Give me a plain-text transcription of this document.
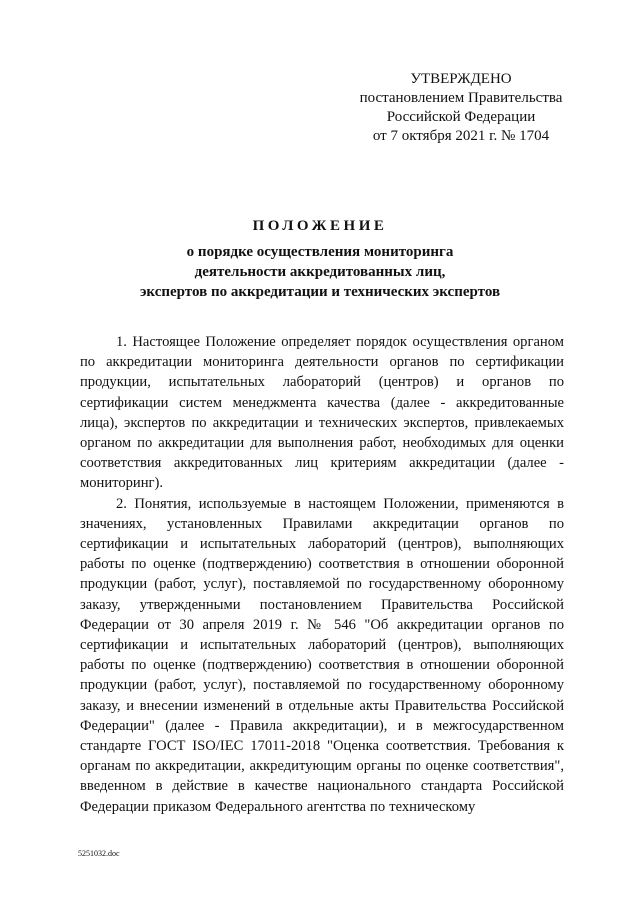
УТВЕРЖДЕНО
постановлением Правительства
Российской Федерации
от 7 октября 2021 г. № 1704
ПОЛОЖЕНИЕ
о порядке осуществления мониторинга
деятельности аккредитованных лиц,
экспертов по аккредитации и технических экспертов

1. Настоящее Положение определяет порядок осуществления органом по аккредитации мониторинга деятельности органов по сертификации продукции, испытательных лабораторий (центров) и органов по сертификации систем менеджмента качества (далее - аккредитованные лица), экспертов по аккредитации и технических экспертов, привлекаемых органом по аккредитации для выполнения работ, необходимых для оценки соответствия аккредитованных лиц критериям аккредитации (далее - мониторинг).

2. Понятия, используемые в настоящем Положении, применяются в значениях, установленных Правилами аккредитации органов по сертификации и испытательных лабораторий (центров), выполняющих работы по оценке (подтверждению) соответствия в отношении оборонной продукции (работ, услуг), поставляемой по государственному оборонному заказу, утвержденными постановлением Правительства Российской Федерации от 30 апреля 2019 г. № 546 "Об аккредитации органов по сертификации и испытательных лабораторий (центров), выполняющих работы по оценке (подтверждению) соответствия в отношении оборонной продукции (работ, услуг), поставляемой по государственному оборонному заказу, и внесении изменений в отдельные акты Правительства Российской Федерации" (далее - Правила аккредитации), и в межгосударственном стандарте ГОСТ ISO/IEC 17011-2018 "Оценка соответствия. Требования к органам по аккредитации, аккредитующим органы по оценке соответствия", введенном в действие в качестве национального стандарта Российской Федерации приказом Федерального агентства по техническому

5251032.doc
